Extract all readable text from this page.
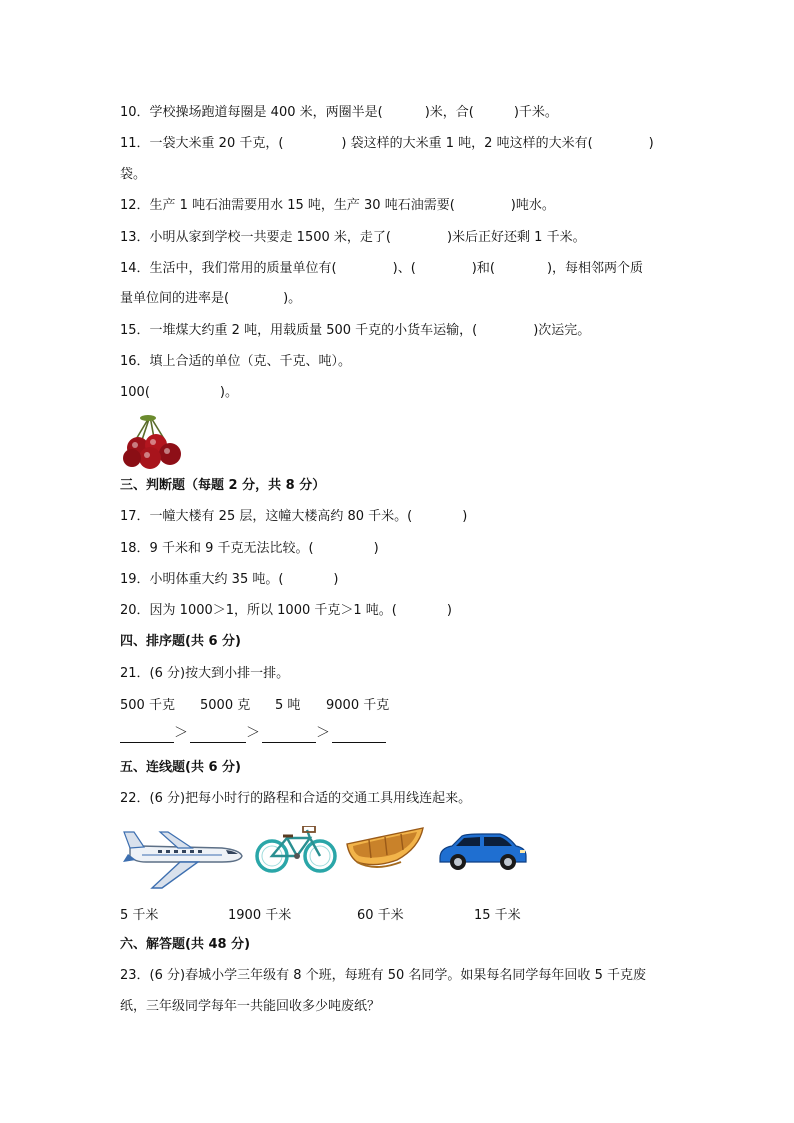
10．学校操场跑道每圈是 400 米，两圈半是(	)米，合(	)千米。
11．一袋大米重 20 千克，(	) 袋这样的大米重 1 吨，2 吨这样的大米有(	)
袋。
12．生产 1 吨石油需要用水 15 吨，生产 30 吨石油需要(	)吨水。
13．小明从家到学校一共要走 1500 米，走了(	)米后正好还剩 1 千米。
14．生活中，我们常用的质量单位有(	)、(	)和(	)，每相邻两个质
量单位间的进率是(	)。
15．一堆煤大约重 2 吨，用载质量 500 千克的小货车运输，(	)次运完。
16．填上合适的单位（克、千克、吨）。
100(	)。
三、判断题（每题 2 分，共 8 分）
17．一幢大楼有 25 层，这幢大楼高约 80 千米。(	)
18．9 千米和 9 千克无法比较。(	)
19．小明体重大约 35 吨。(	)
20．因为 1000＞1，所以 1000 千克＞1 吨。(	)
四、排序题(共 6 分)
21．(6 分)按大到小排一排。
500 千克 5000 克 5 吨 9000 千克
＞	＞	＞
五、连线题(共 6 分)
22．(6 分)把每小时行的路程和合适的交通工具用线连起来。
5 千米	1900 千米	60 千米	15 千米
六、解答题(共 48 分)
23．(6 分)春城小学三年级有 8 个班，每班有 50 名同学。如果每名同学每年回收 5 千克废
纸，三年级同学每年一共能回收多少吨废纸？
